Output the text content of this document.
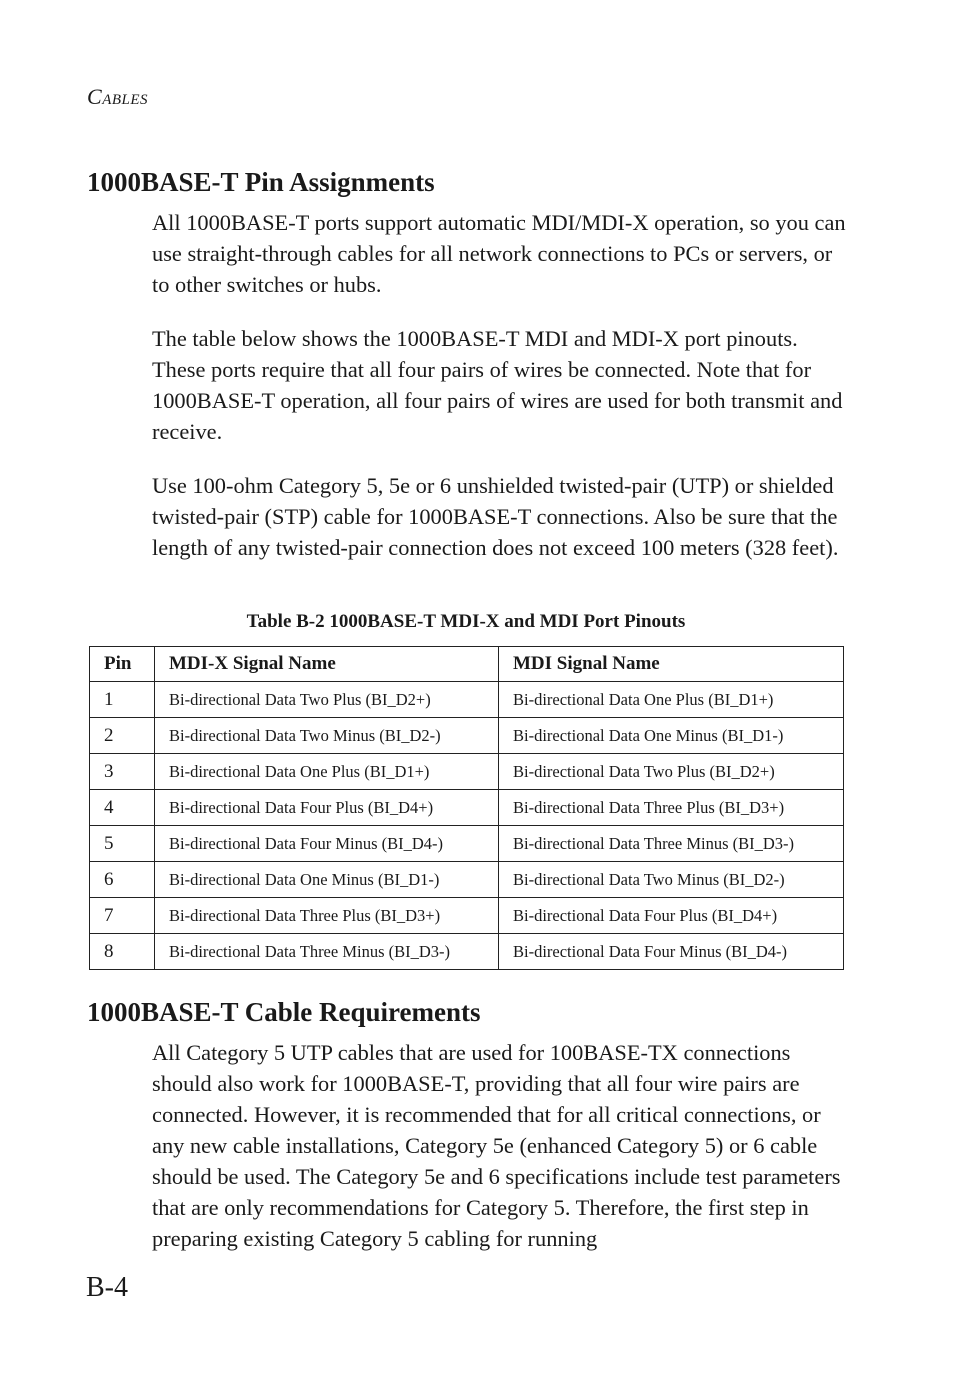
CABLES
1000BASE-T Pin Assignments

All 1000BASE-T ports support automatic MDI/MDI-X operation, so you can use straight-through cables for all network connections to PCs or servers, or to other switches or hubs.

The table below shows the 1000BASE-T MDI and MDI-X port pinouts. These ports require that all four pairs of wires be connected. Note that for 1000BASE-T operation, all four pairs of wires are used for both transmit and receive.

Use 100-ohm Category 5, 5e or 6 unshielded twisted-pair (UTP) or shielded twisted-pair (STP) cable for 1000BASE-T connections. Also be sure that the length of any twisted-pair connection does not exceed 100 meters (328 feet).

Table B-2 1000BASE-T MDI-X and MDI Port Pinouts
Pin	MDI-X Signal Name	MDI Signal Name
1	Bi-directional Data Two Plus (BI_D2+)	Bi-directional Data One Plus (BI_D1+)
2	Bi-directional Data Two Minus (BI_D2-)	Bi-directional Data One Minus (BI_D1-)
3	Bi-directional Data One Plus (BI_D1+)	Bi-directional Data Two Plus (BI_D2+)
4	Bi-directional Data Four Plus (BI_D4+)	Bi-directional Data Three Plus (BI_D3+)
5	Bi-directional Data Four Minus (BI_D4-)	Bi-directional Data Three Minus (BI_D3-)
6	Bi-directional Data One Minus (BI_D1-)	Bi-directional Data Two Minus (BI_D2-)
7	Bi-directional Data Three Plus (BI_D3+)	Bi-directional Data Four Plus (BI_D4+)
8	Bi-directional Data Three Minus (BI_D3-)	Bi-directional Data Four Minus (BI_D4-)
1000BASE-T Cable Requirements

All Category 5 UTP cables that are used for 100BASE-TX connections should also work for 1000BASE-T, providing that all four wire pairs are connected. However, it is recommended that for all critical connections, or any new cable installations, Category 5e (enhanced Category 5) or 6 cable should be used. The Category 5e and 6 specifications include test parameters that are only recommendations for Category 5. Therefore, the first step in preparing existing Category 5 cabling for running

B-4
